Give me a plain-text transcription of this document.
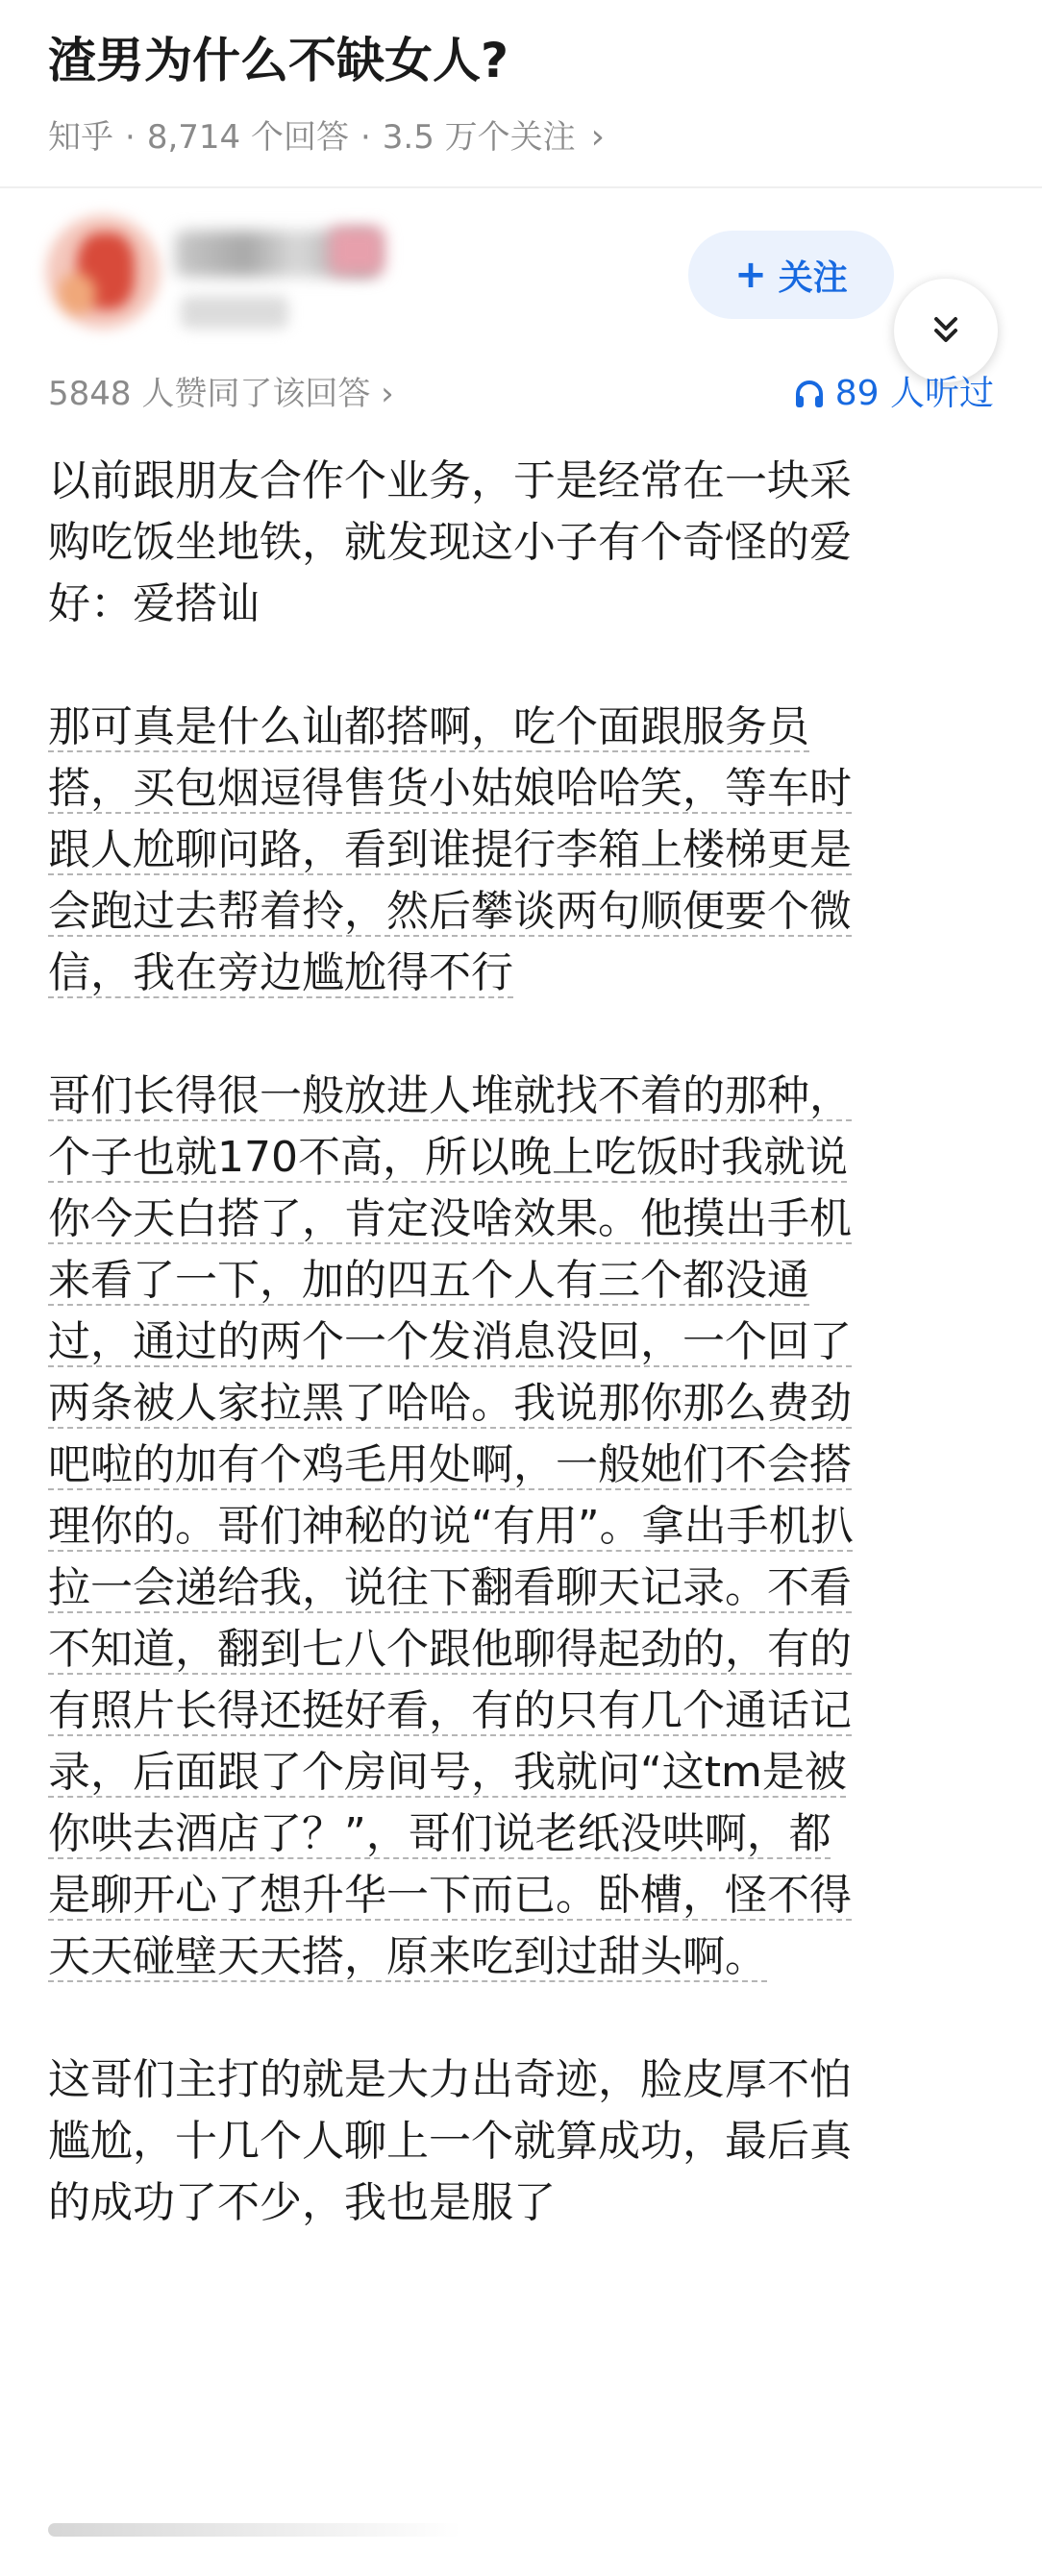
渣男为什么不缺女人?
知乎 · 8,714 个回答 · 3.5 万个关注 ›
+ 关注
5848 人赞同了该回答 ›	89 人听过

以前跟朋友合作个业务，于是经常在一块采
购吃饭坐地铁，就发现这小子有个奇怪的爱
好：爱搭讪

那可真是什么讪都搭啊，吃个面跟服务员
搭，买包烟逗得售货小姑娘哈哈笑，等车时
跟人尬聊问路，看到谁提行李箱上楼梯更是
会跑过去帮着拎，然后攀谈两句顺便要个微
信，我在旁边尴尬得不行

哥们长得很一般放进人堆就找不着的那种，
个子也就170不高，所以晚上吃饭时我就说
你今天白搭了，肯定没啥效果。他摸出手机
来看了一下，加的四五个人有三个都没通
过，通过的两个一个发消息没回，一个回了
两条被人家拉黑了哈哈。我说那你那么费劲
吧啦的加有个鸡毛用处啊，一般她们不会搭
理你的。哥们神秘的说“有用”。拿出手机扒
拉一会递给我，说往下翻看聊天记录。不看
不知道，翻到七八个跟他聊得起劲的，有的
有照片长得还挺好看，有的只有几个通话记
录，后面跟了个房间号，我就问“这tm是被
你哄去酒店了？”，哥们说老纸没哄啊，都
是聊开心了想升华一下而已。卧槽，怪不得
天天碰壁天天搭，原来吃到过甜头啊。

这哥们主打的就是大力出奇迹，脸皮厚不怕
尴尬，十几个人聊上一个就算成功，最后真
的成功了不少，我也是服了
